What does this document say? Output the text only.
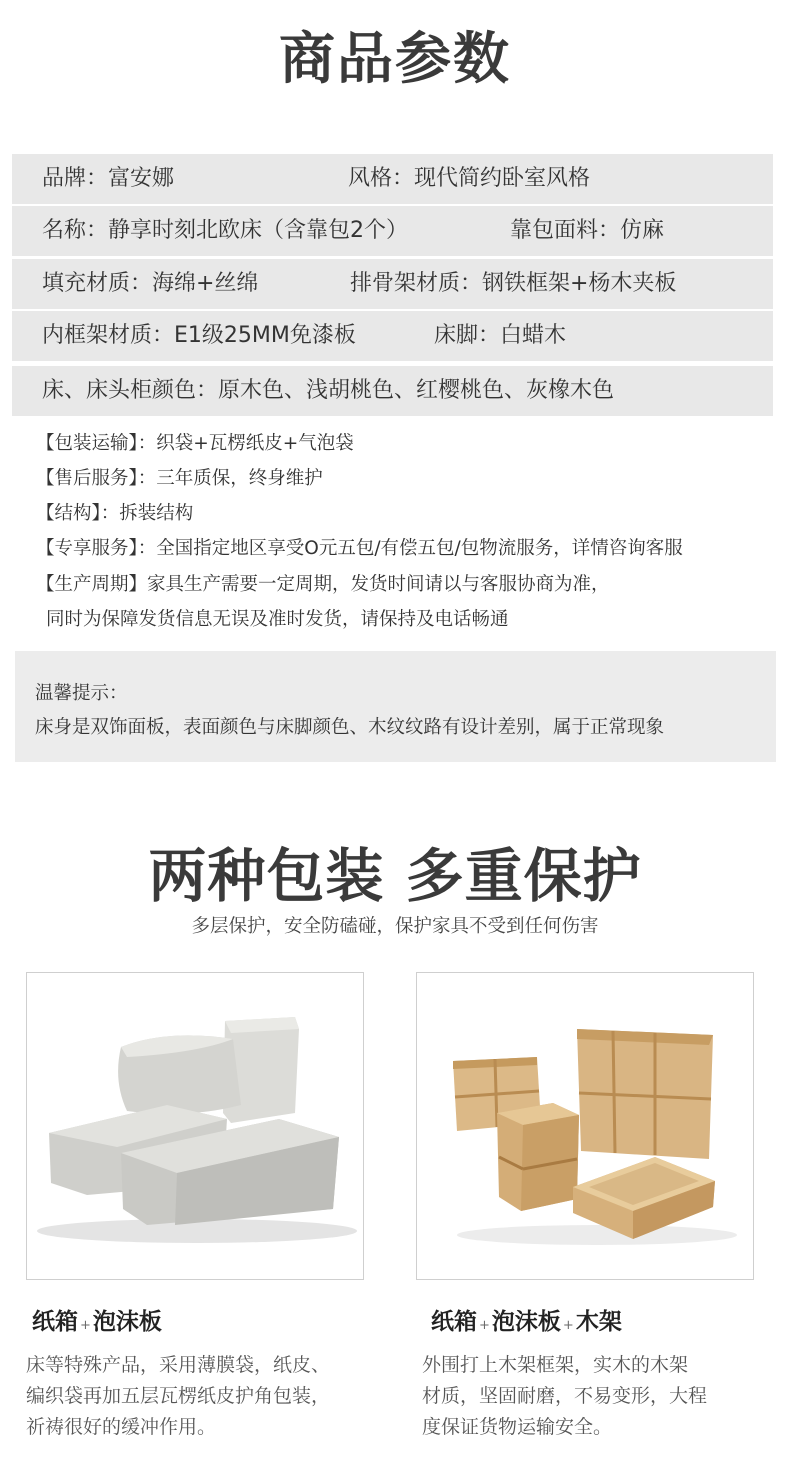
商品参数
品牌：富安娜	风格：现代简约卧室风格
名称：静享时刻北欧床（含靠包2个）	靠包面料：仿麻
填充材质：海绵+丝绵	排骨架材质：钢铁框架+杨木夹板
内框架材质：E1级25MM免漆板	床脚：白蜡木
床、床头柜颜色：原木色、浅胡桃色、红樱桃色、灰橡木色
【包装运输】：织袋+瓦楞纸皮+气泡袋
【售后服务】：三年质保，终身维护
【结构】：拆装结构
【专享服务】：全国指定地区享受O元五包/有偿五包/包物流服务，详情咨询客服
【生产周期】家具生产需要一定周期，发货时间请以与客服协商为准，
同时为保障发货信息无误及准时发货，请保持及电话畅通
温馨提示：
床身是双饰面板，表面颜色与床脚颜色、木纹纹路有设计差别，属于正常现象
两种包装 多重保护
多层保护，安全防磕碰，保护家具不受到任何伤害
纸箱 +泡沫板
床等特殊产品，采用薄膜袋，纸皮、
编织袋再加五层瓦楞纸皮护角包装，
祈祷很好的缓冲作用。
纸箱 +泡沫板 +木架
外围打上木架框架，实木的木架
材质，坚固耐磨，不易变形，大程
度保证货物运输安全。
